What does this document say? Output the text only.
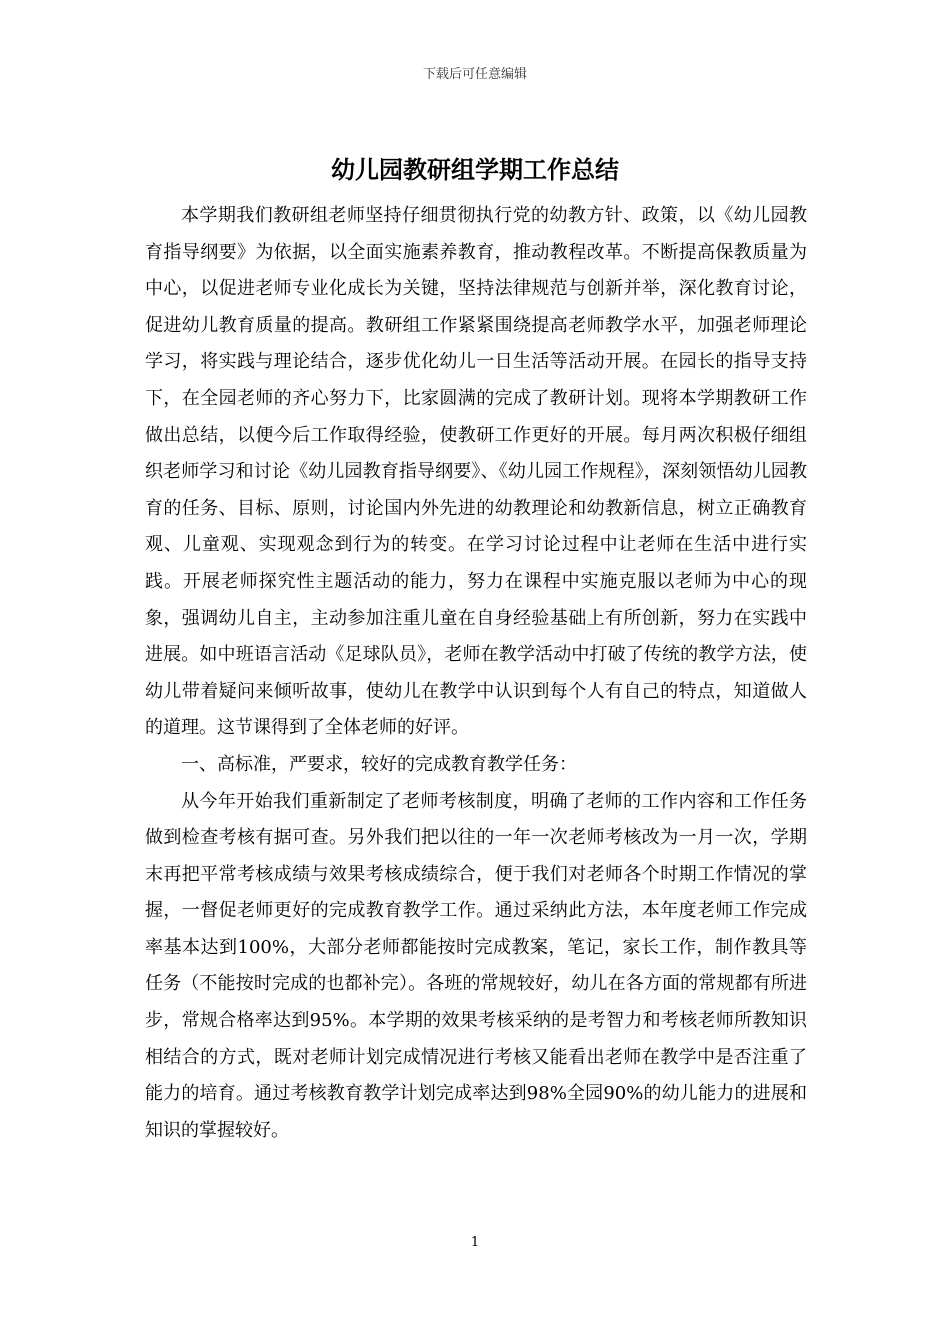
下载后可任意编辑
幼儿园教研组学期工作总结

本学期我们教研组老师坚持仔细贯彻执行党的幼教方针、政策，以《幼儿园教育指导纲要》为依据，以全面实施素养教育，推动教程改革。不断提高保教质量为中心，以促进老师专业化成长为关键，坚持法律规范与创新并举，深化教育讨论，促进幼儿教育质量的提高。教研组工作紧紧围绕提高老师教学水平，加强老师理论学习，将实践与理论结合，逐步优化幼儿一日生活等活动开展。在园长的指导支持下，在全园老师的齐心努力下，比家圆满的完成了教研计划。现将本学期教研工作做出总结，以便今后工作取得经验，使教研工作更好的开展。每月两次积极仔细组织老师学习和讨论《幼儿园教育指导纲要》、《幼儿园工作规程》，深刻领悟幼儿园教育的任务、目标、原则，讨论国内外先进的幼教理论和幼教新信息，树立正确教育观、儿童观、实现观念到行为的转变。在学习讨论过程中让老师在生活中进行实践。开展老师探究性主题活动的能力，努力在课程中实施克服以老师为中心的现象，强调幼儿自主，主动参加注重儿童在自身经验基础上有所创新，努力在实践中进展。如中班语言活动《足球队员》，老师在教学活动中打破了传统的教学方法，使幼儿带着疑问来倾听故事，使幼儿在教学中认识到每个人有自己的特点，知道做人的道理。这节课得到了全体老师的好评。

一、高标准，严要求，较好的完成教育教学任务：

从今年开始我们重新制定了老师考核制度，明确了老师的工作内容和工作任务做到检查考核有据可查。另外我们把以往的一年一次老师考核改为一月一次，学期末再把平常考核成绩与效果考核成绩综合，便于我们对老师各个时期工作情况的掌握，一督促老师更好的完成教育教学工作。通过采纳此方法，本年度老师工作完成率基本达到100%，大部分老师都能按时完成教案，笔记，家长工作，制作教具等任务（不能按时完成的也都补完）。各班的常规较好，幼儿在各方面的常规都有所进步，常规合格率达到95%。本学期的效果考核采纳的是考智力和考核老师所教知识相结合的方式，既对老师计划完成情况进行考核又能看出老师在教学中是否注重了能力的培育。通过考核教育教学计划完成率达到98%全园90%的幼儿能力的进展和知识的掌握较好。

1
